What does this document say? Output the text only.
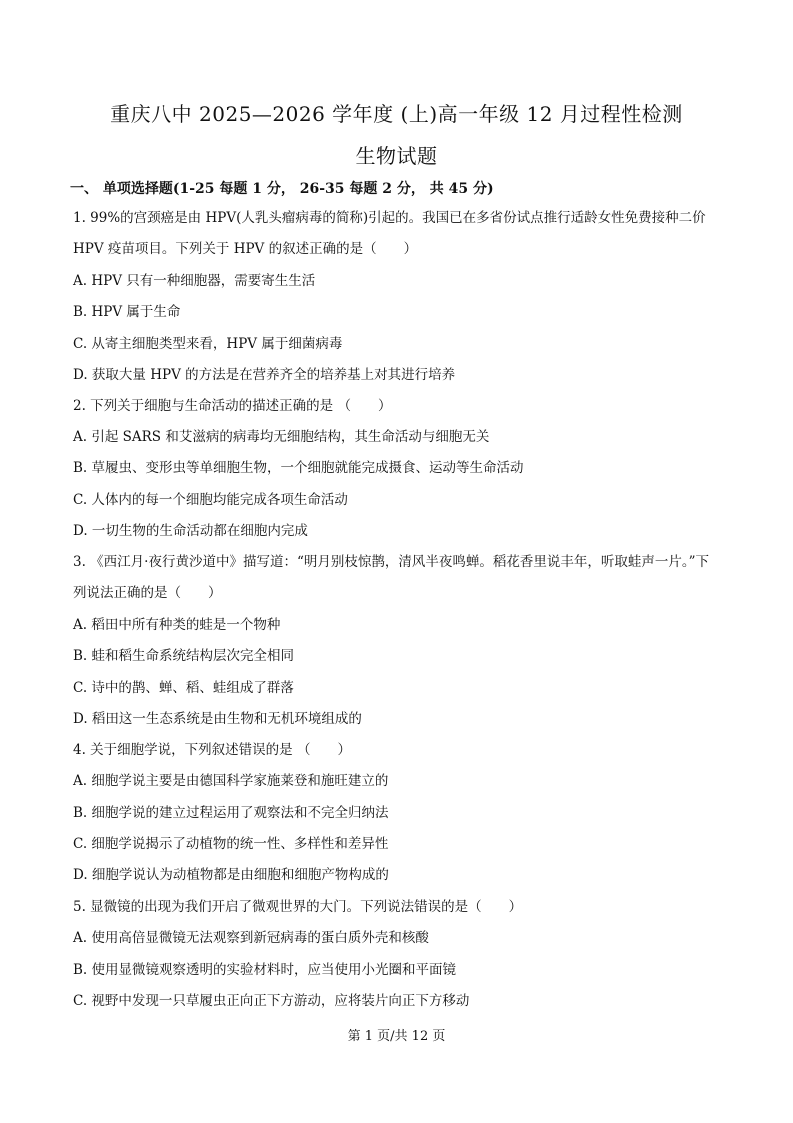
重庆八中 2025—2026 学年度 (上)高一年级 12 月过程性检测
生物试题
一、 单项选择题(1-25 每题 1 分， 26-35 每题 2 分， 共 45 分)
1. 99%的宫颈癌是由 HPV(人乳头瘤病毒的简称)引起的。我国已在多省份试点推行适龄女性免费接种二价
HPV 疫苗项目。下列关于 HPV 的叙述正确的是（　　）
A. HPV 只有一种细胞器，需要寄生生活
B. HPV 属于生命
C. 从寄主细胞类型来看，HPV 属于细菌病毒
D. 获取大量 HPV 的方法是在营养齐全的培养基上对其进行培养
2. 下列关于细胞与生命活动的描述正确的是 （　　）
A. 引起 SARS 和艾滋病的病毒均无细胞结构，其生命活动与细胞无关
B. 草履虫、变形虫等单细胞生物，一个细胞就能完成摄食、运动等生命活动
C. 人体内的每一个细胞均能完成各项生命活动
D. 一切生物的生命活动都在细胞内完成
3. 《西江月·夜行黄沙道中》描写道：“明月别枝惊鹊，清风半夜鸣蝉。稻花香里说丰年，听取蛙声一片。”下
列说法正确的是（　　）
A. 稻田中所有种类的蛙是一个物种
B. 蛙和稻生命系统结构层次完全相同
C. 诗中的鹊、蝉、稻、蛙组成了群落
D. 稻田这一生态系统是由生物和无机环境组成的
4. 关于细胞学说，下列叙述错误的是 （　　）
A. 细胞学说主要是由德国科学家施莱登和施旺建立的
B. 细胞学说的建立过程运用了观察法和不完全归纳法
C. 细胞学说揭示了动植物的统一性、多样性和差异性
D. 细胞学说认为动植物都是由细胞和细胞产物构成的
5. 显微镜的出现为我们开启了微观世界的大门。下列说法错误的是（　　）
A. 使用高倍显微镜无法观察到新冠病毒的蛋白质外壳和核酸
B. 使用显微镜观察透明的实验材料时，应当使用小光圈和平面镜
C. 视野中发现一只草履虫正向正下方游动，应将装片向正下方移动
第 1 页/共 12 页
